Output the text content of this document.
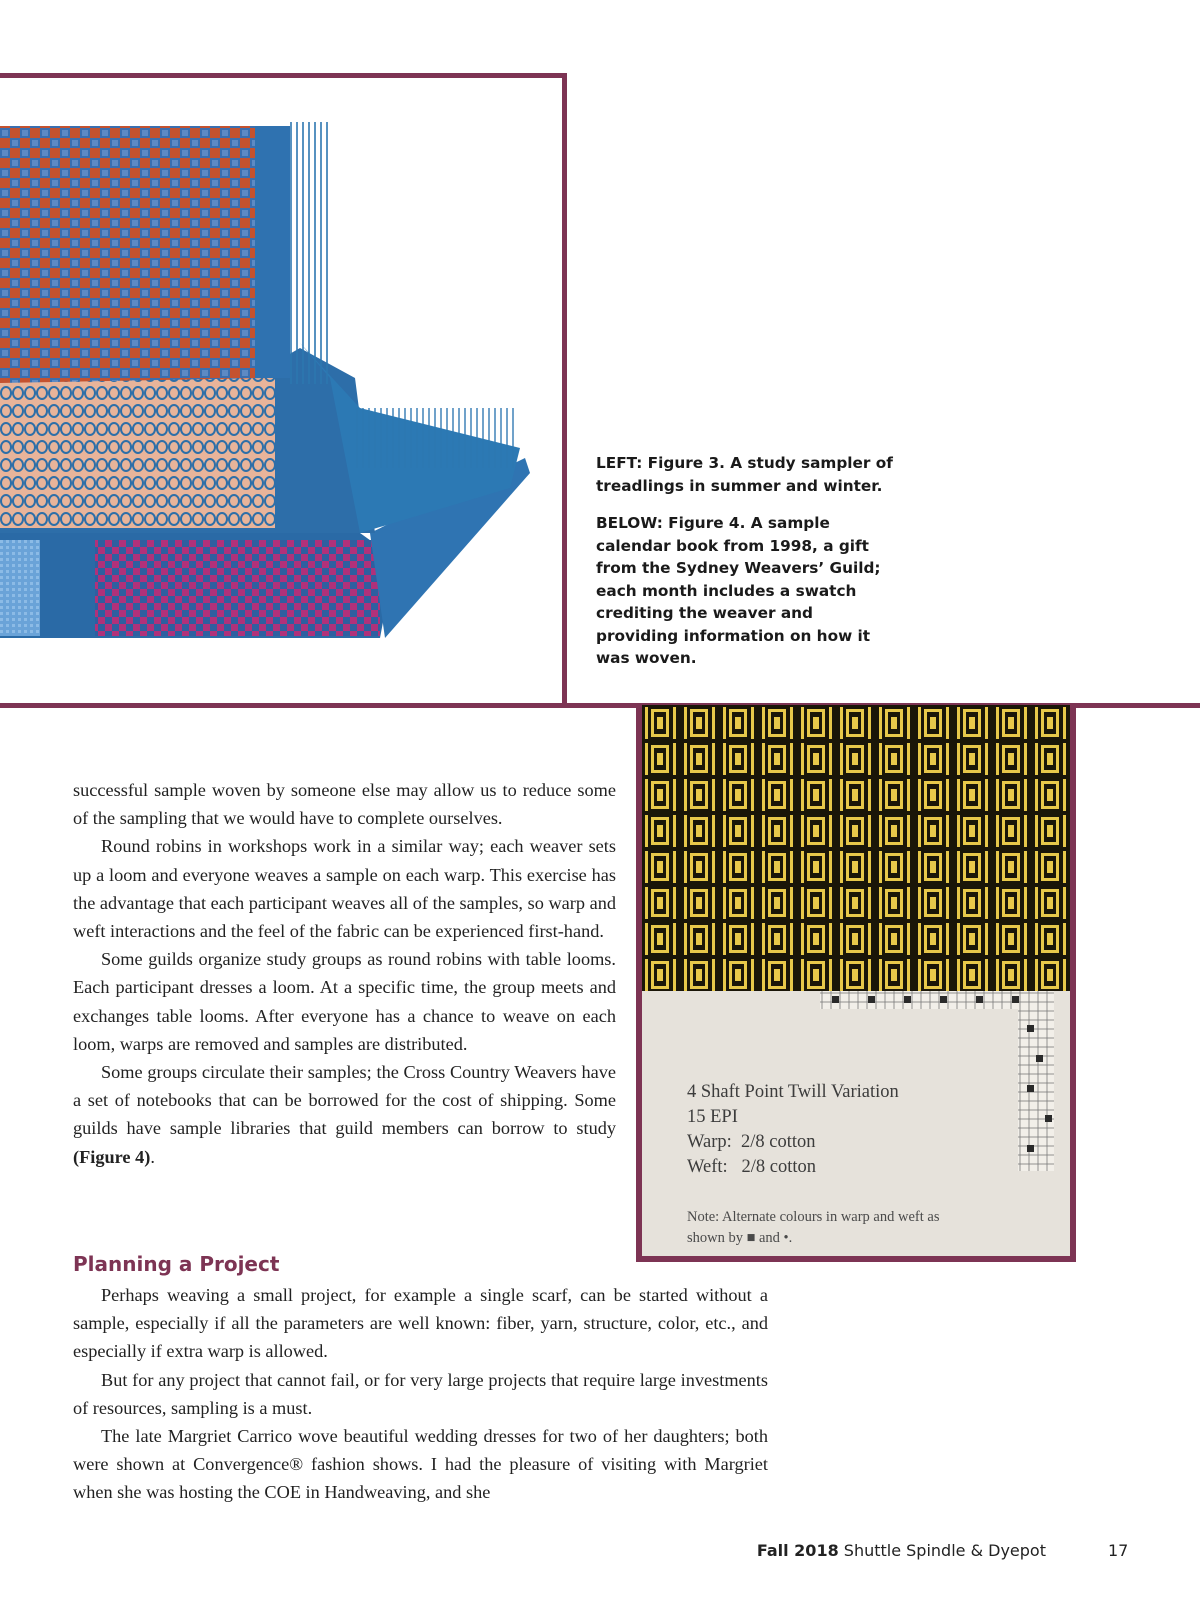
LEFT: Figure 3. A study sampler of treadlings in summer and winter.
BELOW: Figure 4. A sample calendar book from 1998, a gift from the Sydney Weavers’ Guild; each month includes a swatch crediting the weaver and providing information on how it was woven.
4 Shaft Point Twill Variation
15 EPI
Warp:  2/8 cotton
Weft:   2/8 cotton
Note: Alternate colours in warp and weft as
shown by ■ and •.

successful sample woven by someone else may allow us to reduce some of the sampling that we would have to complete ourselves.

Round robins in workshops work in a similar way; each weaver sets up a loom and everyone weaves a sample on each warp. This exercise has the advantage that each participant weaves all of the samples, so warp and weft interactions and the feel of the fabric can be experienced first-hand.

Some guilds organize study groups as round robins with table looms. Each participant dresses a loom. At a specific time, the group meets and exchanges table looms. After everyone has a chance to weave on each loom, warps are removed and samples are distributed.

Some groups circulate their samples; the Cross Country Weavers have a set of notebooks that can be borrowed for the cost of shipping. Some guilds have sample libraries that guild members can borrow to study (Figure 4).

Planning a Project

Perhaps weaving a small project, for example a single scarf, can be started without a sample, especially if all the parameters are well known: fiber, yarn, structure, color, etc., and especially if extra warp is allowed.

But for any project that cannot fail, or for very large projects that require large investments of resources, sampling is a must.

The late Margriet Carrico wove beautiful wedding dresses for two of her daughters; both were shown at Convergence® fashion shows. I had the pleasure of visiting with Margriet when she was hosting the COE in Handweaving, and she

Fall 2018 Shuttle Spindle & Dyepot	17
